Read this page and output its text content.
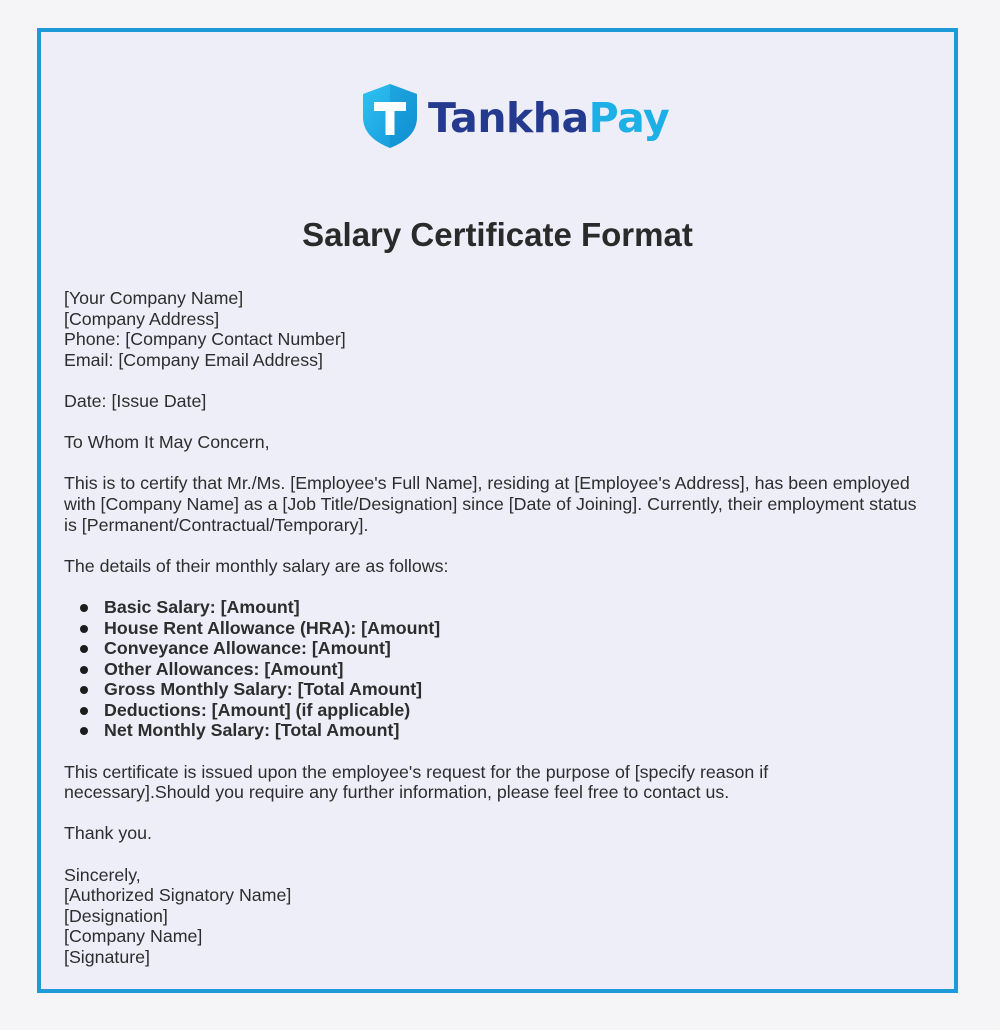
TankhaPay
Salary Certificate Format

[Your Company Name]
[Company Address]
Phone: [Company Contact Number]
Email: [Company Email Address]

Date: [Issue Date]

To Whom It May Concern,

This is to certify that Mr./Ms. [Employee's Full Name], residing at [Employee's Address], has been employed with [Company Name] as a [Job Title/Designation] since [Date of Joining]. Currently, their employment status is [Permanent/Contractual/Temporary].

The details of their monthly salary are as follows:

Basic Salary: [Amount]
House Rent Allowance (HRA): [Amount]
Conveyance Allowance: [Amount]
Other Allowances: [Amount]
Gross Monthly Salary: [Total Amount]
Deductions: [Amount] (if applicable)
Net Monthly Salary: [Total Amount]

This certificate is issued upon the employee's request for the purpose of [specify reason if
necessary].Should you require any further information, please feel free to contact us.

Thank you.

Sincerely,
[Authorized Signatory Name]
[Designation]
[Company Name]
[Signature]
